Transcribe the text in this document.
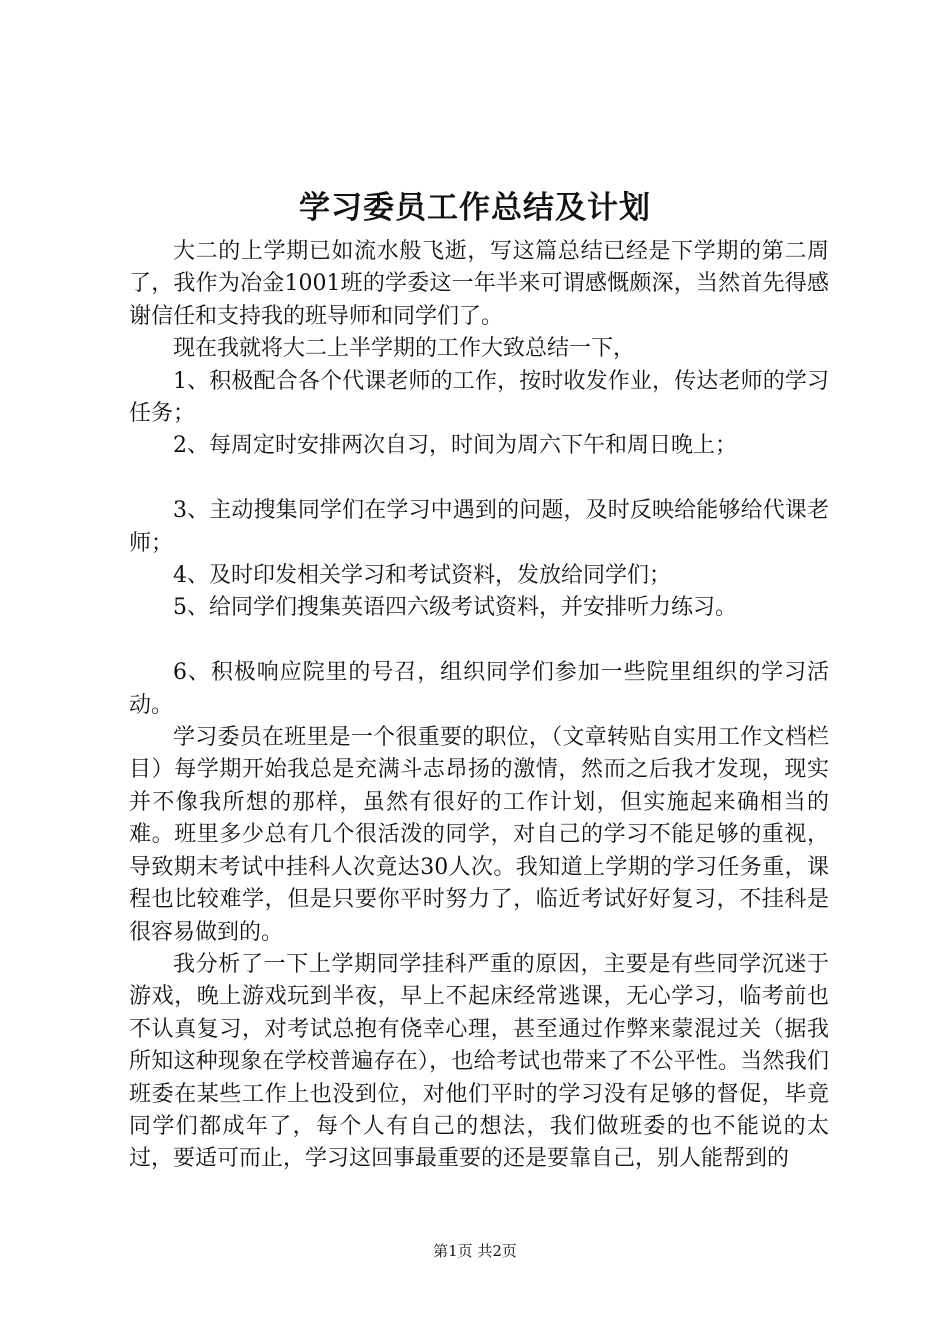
学习委员工作总结及计划

大二的上学期已如流水般飞逝，写这篇总结已经是下学期的第二周了，我作为冶金1001班的学委这一年半来可谓感慨颇深，当然首先得感谢信任和支持我的班导师和同学们了。

现在我就将大二上半学期的工作大致总结一下，

1、积极配合各个代课老师的工作，按时收发作业，传达老师的学习任务；

2、每周定时安排两次自习，时间为周六下午和周日晚上；

3、主动搜集同学们在学习中遇到的问题，及时反映给能够给代课老师；

4、及时印发相关学习和考试资料，发放给同学们；

5、给同学们搜集英语四六级考试资料，并安排听力练习。

6、积极响应院里的号召，组织同学们参加一些院里组织的学习活动。

学习委员在班里是一个很重要的职位，（文章转贴自实用工作文档栏目）每学期开始我总是充满斗志昂扬的激情，然而之后我才发现，现实并不像我所想的那样，虽然有很好的工作计划，但实施起来确相当的难。班里多少总有几个很活泼的同学，对自己的学习不能足够的重视，导致期末考试中挂科人次竟达30人次。我知道上学期的学习任务重，课程也比较难学，但是只要你平时努力了，临近考试好好复习，不挂科是很容易做到的。

我分析了一下上学期同学挂科严重的原因，主要是有些同学沉迷于游戏，晚上游戏玩到半夜，早上不起床经常逃课，无心学习，临考前也不认真复习，对考试总抱有侥幸心理，甚至通过作弊来蒙混过关（据我所知这种现象在学校普遍存在），也给考试也带来了不公平性。当然我们班委在某些工作上也没到位，对他们平时的学习没有足够的督促，毕竟同学们都成年了，每个人有自己的想法，我们做班委的也不能说的太过，要适可而止，学习这回事最重要的还是要靠自己，别人能帮到的

第1页 共2页
